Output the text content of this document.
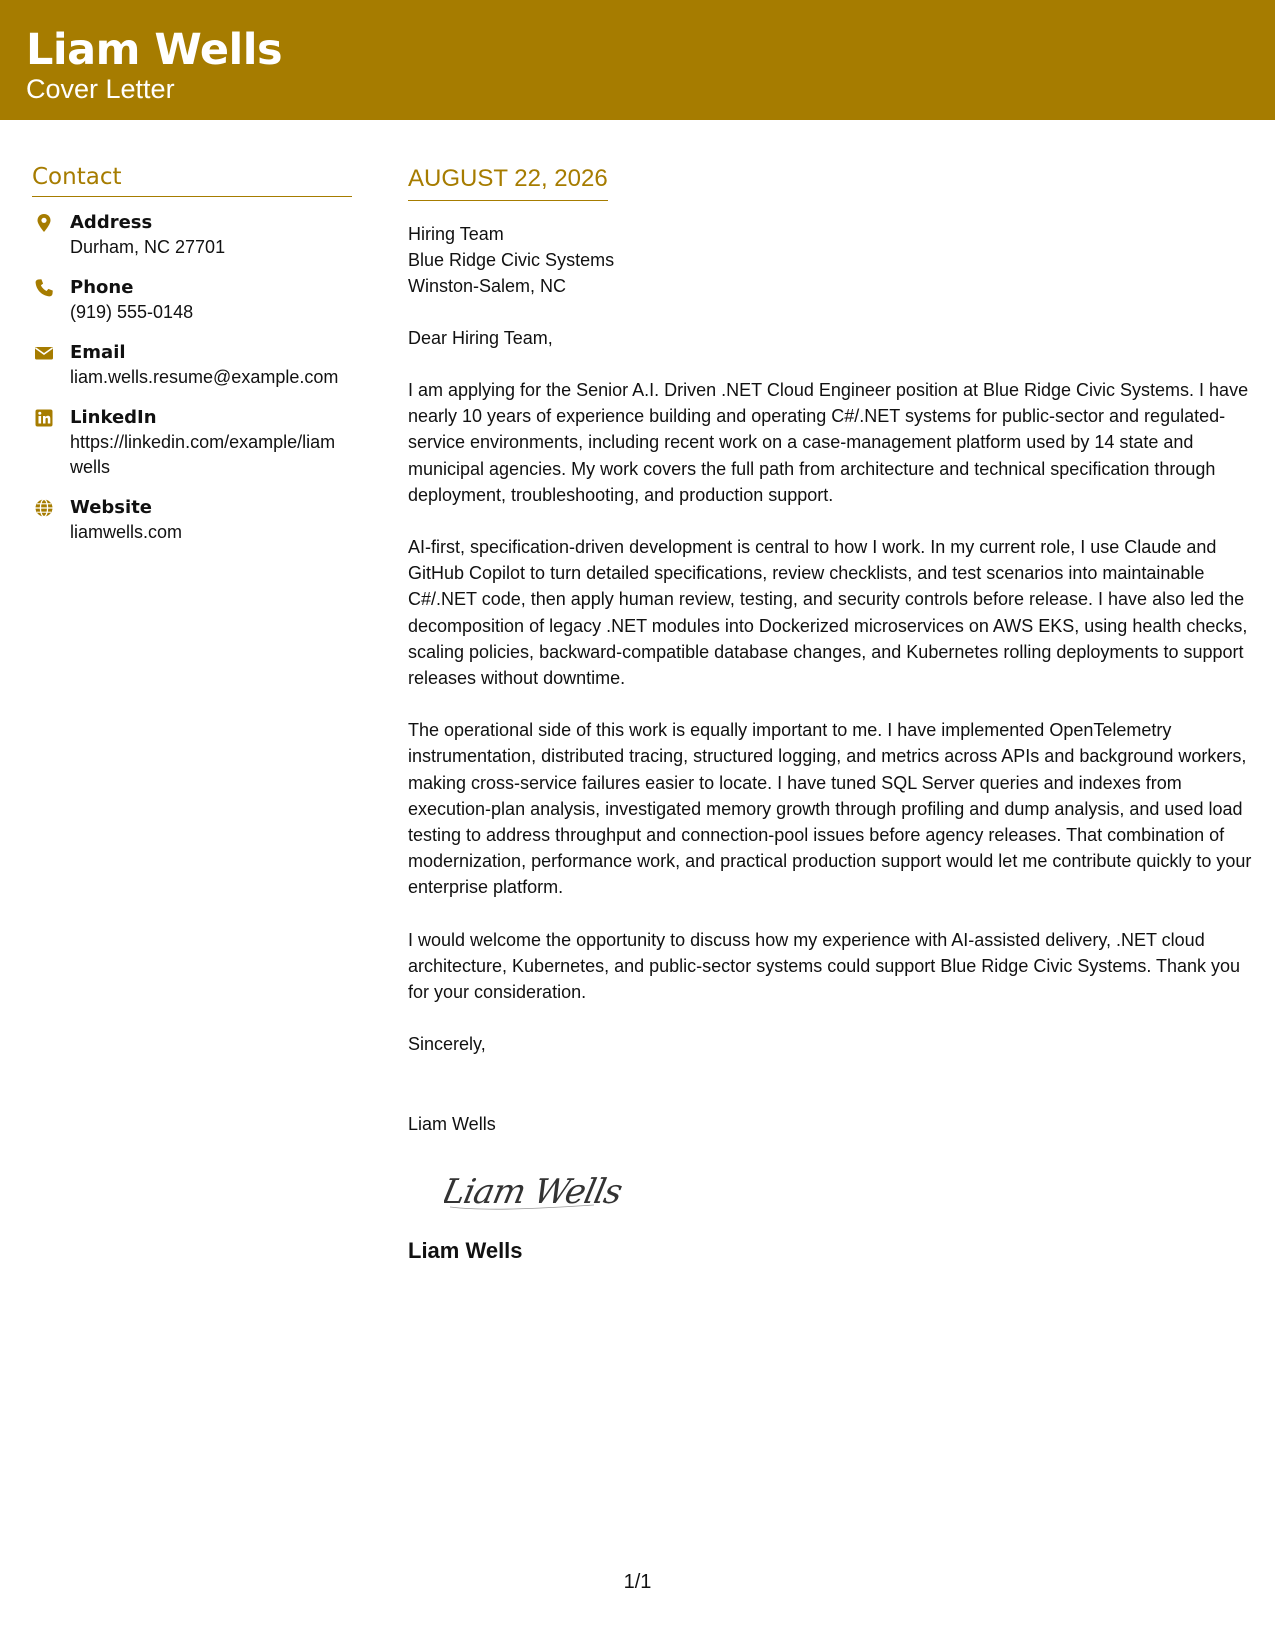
Liam Wells
Cover Letter
Contact
Address
Durham, NC 27701
Phone
(919) 555-0148
Email
liam.wells.resume@example.com
LinkedIn
https://linkedin.com/example/liamwells
Website
liamwells.com
AUGUST 22, 2026
Hiring Team
Blue Ridge Civic Systems
Winston-Salem, NC
Dear Hiring Team,

I am applying for the Senior A.I. Driven .NET Cloud Engineer position at Blue Ridge Civic Systems. I have nearly 10 years of experience building and operating C#/.NET systems for public-sector and regulated-service environments, including recent work on a case-management platform used by 14 state and municipal agencies. My work covers the full path from architecture and technical specification through deployment, troubleshooting, and production support.

AI-first, specification-driven development is central to how I work. In my current role, I use Claude and GitHub Copilot to turn detailed specifications, review checklists, and test scenarios into maintainable C#/.NET code, then apply human review, testing, and security controls before release. I have also led the decomposition of legacy .NET modules into Dockerized microservices on AWS EKS, using health checks, scaling policies, backward-compatible database changes, and Kubernetes rolling deployments to support releases without downtime.

The operational side of this work is equally important to me. I have implemented OpenTelemetry instrumentation, distributed tracing, structured logging, and metrics across APIs and background workers, making cross-service failures easier to locate. I have tuned SQL Server queries and indexes from execution-plan analysis, investigated memory growth through profiling and dump analysis, and used load testing to address throughput and connection-pool issues before agency releases. That combination of modernization, performance work, and practical production support would let me contribute quickly to your enterprise platform.

I would welcome the opportunity to discuss how my experience with AI-assisted delivery, .NET cloud architecture, Kubernetes, and public-sector systems could support Blue Ridge Civic Systems. Thank you for your consideration.

Sincerely,
Liam Wells
Liam Wells
Liam Wells
1/1
